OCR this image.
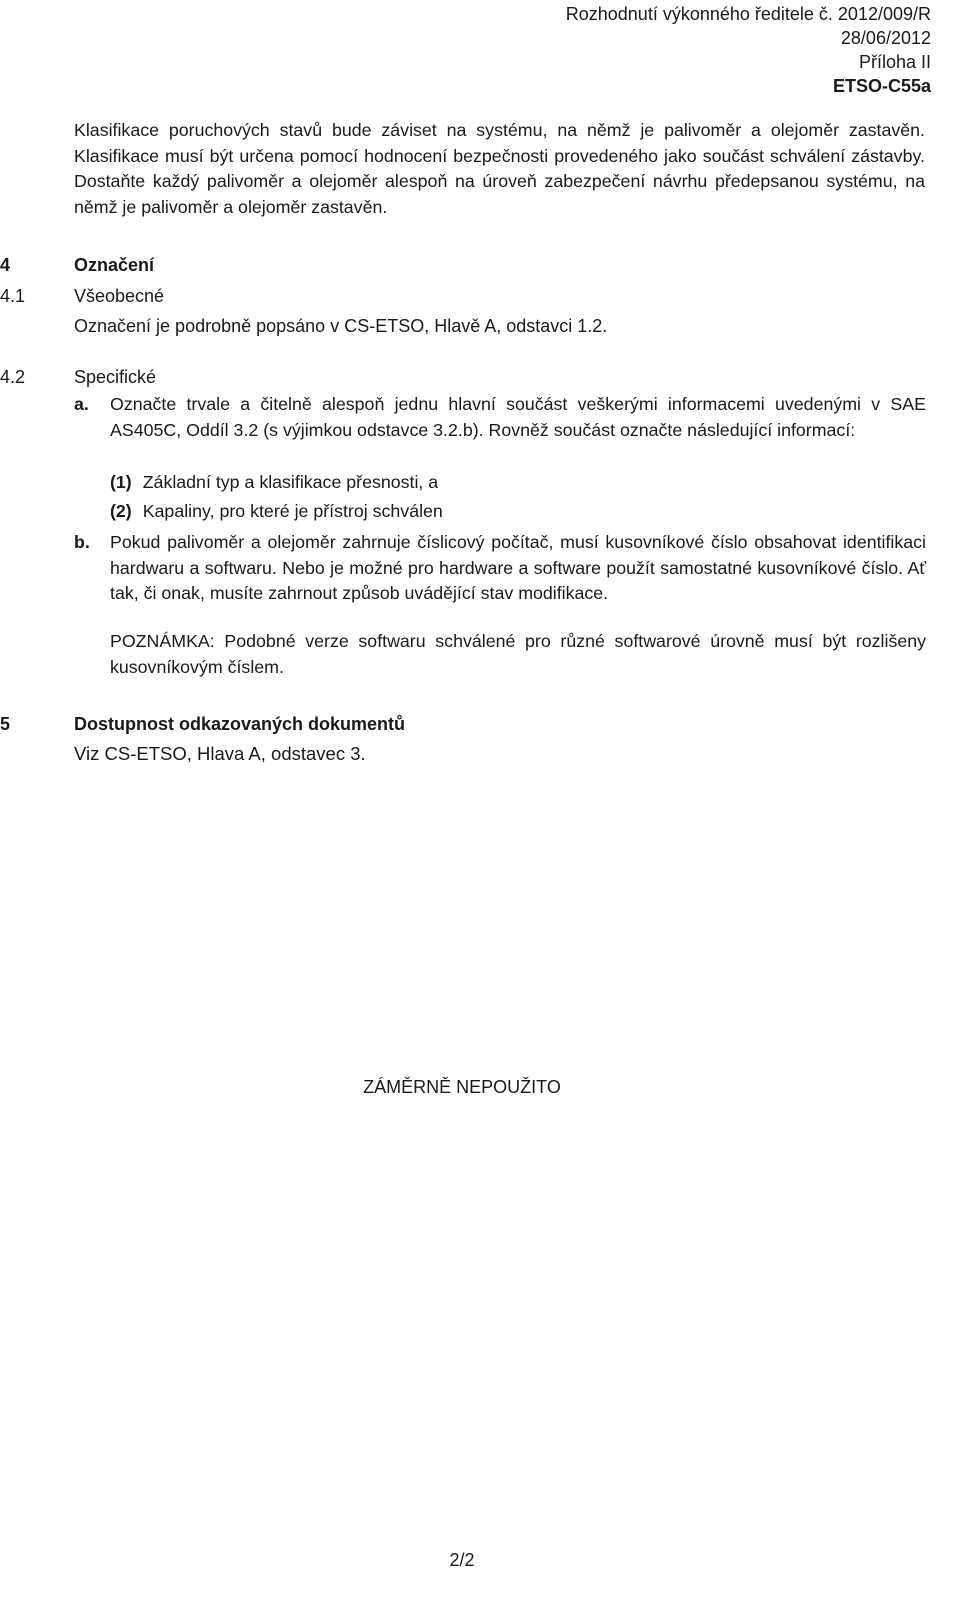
Rozhodnutí výkonného ředitele č. 2012/009/R
28/06/2012
Příloha II
ETSO-C55a
Klasifikace poruchových stavů bude záviset na systému, na němž je palivoměr a olejoměr zastavěn. Klasifikace musí být určena pomocí hodnocení bezpečnosti provedeného jako součást schválení zástavby. Dostaňte každý palivoměr a olejoměr alespoň na úroveň zabezpečení návrhu předepsanou systému, na němž je palivoměr a olejoměr zastavěn.
4	Označení
4.1	Všeobecné
Označení je podrobně popsáno v CS-ETSO, Hlavě A, odstavci 1.2.
4.2	Specifické
a. Označte trvale a čitelně alespoň jednu hlavní součást veškerými informacemi uvedenými v SAE AS405C, Oddíl 3.2 (s výjimkou odstavce 3.2.b). Rovněž součást označte následující informací:
(1) Základní typ a klasifikace přesnosti, a
(2) Kapaliny, pro které je přístroj schválen
b. Pokud palivoměr a olejoměr zahrnuje číslicový počítač, musí kusovníkové číslo obsahovat identifikaci hardwaru a softwaru. Nebo je možné pro hardware a software použít samostatné kusovníkové číslo. Ať tak, či onak, musíte zahrnout způsob uvádějící stav modifikace.
POZNÁMKA: Podobné verze softwaru schválené pro různé softwarové úrovně musí být rozlišeny kusovníkovým číslem.
5	Dostupnost odkazovaných dokumentů
Viz CS-ETSO, Hlava A, odstavec 3.
ZÁMĚRNĚ NEPOUŽITO
2/2
